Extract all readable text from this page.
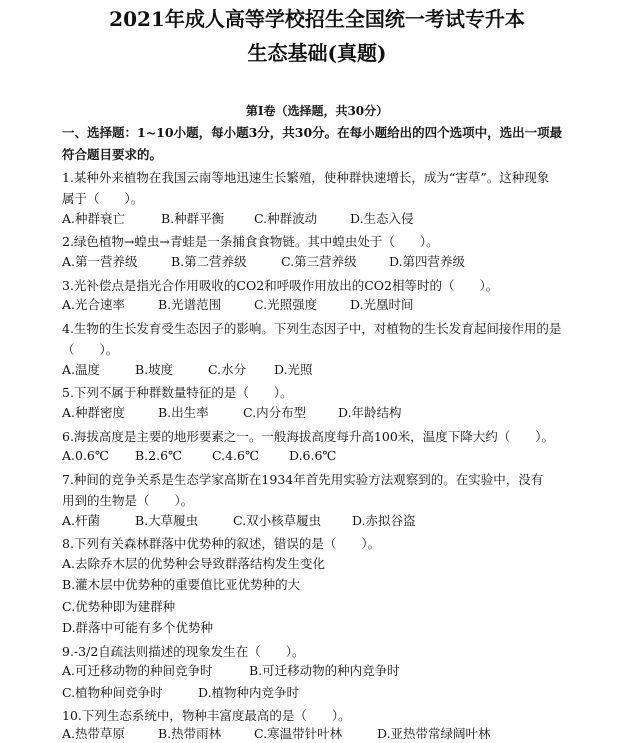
2021年成人高等学校招生全国统一考试专升本
生态基础(真题)
第Ⅰ卷（选择题，共30分）
一、选择题：1~10小题，每小题3分，共30分。在每小题给出的四个选项中，选出一项最
符合题目要求的。
1.某种外来植物在我国云南等地迅速生长繁殖，使种群快速增长，成为“害草”。这种现象
属于（　　）。
A.种群衰亡	B.种群平衡 C.种群波动	D.生态入侵
2.绿色植物→蝗虫→青蛙是一条捕食食物链。其中蝗虫处于（　　）。
A.第一营养级	B.第二营养级	C.第三营养级	D.第四营养级
3.光补偿点是指光合作用吸收的CO2和呼吸作用放出的CO2相等时的（　　）。
A.光合速率	B.光谱范围	C.光照强度	D.光凰时间
4.生物的生长发育受生态因子的影响。下列生态因子中，对植物的生长发育起间接作用的是
（　　）。
A.温度	B.坡度	C.水分 D.光照
5.下列不属于种群数量特征的是（　　）。
A.种群密度	B.出生率	C.内分布型	D.年龄结构
6.海拔高度是主要的地形要素之一。一般海拔高度每升高100米，温度下降大约（　　）。
A.0.6℃ B.2.6℃ C.4.6℃ D.6.6℃
7.种间的竞争关系是生态学家高斯在1934年首先用实验方法观察到的。在实验中，没有
用到的生物是（　　）。
A.杆菌	B.大草履虫	C.双小核草履虫 D.赤拟谷盗
8.下列有关森林群落中优势种的叙述，错误的是（　　）。
A.去除乔木层的优势种会导致群落结构发生变化
B.灌木层中优势种的重要值比亚优势种的大
C.优势种即为建群种
D.群落中可能有多个优势种
9.-3/2自疏法则描述的现象发生在（　　）。
A.可迁移动物的种间竞争时	B.可迁移动物的种内竞争时
C.植物种间竞争时	D.植物种内竞争时
10.下列生态系统中，物种丰富度最高的是（　　）。
A.热带草原	B.热带雨林	C.寒温带针叶林	D.亚热带常绿阔叶林
